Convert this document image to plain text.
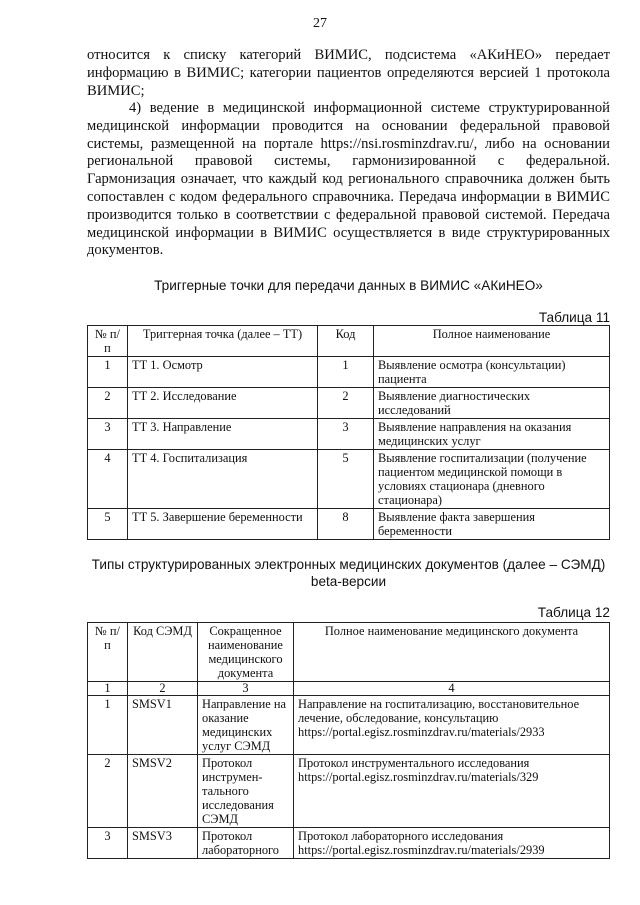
27
относится к списку категорий ВИМИС, подсистема «АКиНЕО» передает информацию в ВИМИС; категории пациентов определяются версией 1 протокола ВИМИС;
4) ведение в медицинской информационной системе структурированной медицинской информации проводится на основании федеральной правовой системы, размещенной на портале https://nsi.rosminzdrav.ru/, либо на основании региональной правовой системы, гармонизированной с федеральной. Гармонизация означает, что каждый код регионального справочника должен быть сопоставлен с кодом федерального справочника. Передача информации в ВИМИС производится только в соответствии с федеральной правовой системой. Передача медицинской информации в ВИМИС осуществляется в виде структурированных документов.
Триггерные точки для передачи данных в ВИМИС «АКиНЕО»
Таблица 11
№ п/п	Триггерная точка (далее – ТТ)	Код	Полное наименование
1	ТТ 1. Осмотр	1	Выявление осмотра (консультации) пациента
2	ТТ 2. Исследование	2	Выявление диагностических исследований
3	ТТ 3. Направление	3	Выявление направления на оказания медицинских услуг
4	ТТ 4. Госпитализация	5	Выявление госпитализации (получение пациентом медицинской помощи в условиях стационара (дневного стационара)
5	ТТ 5. Завершение беременности	8	Выявление факта завершения беременности
Типы структурированных электронных медицинских документов (далее – СЭМД) beta-версии
Таблица 12
№ п/п	Код СЭМД	Сокращенное наименование медицинского документа	Полное наименование медицинского документа
1	2	3	4
1	SMSV1	Направление на оказание медицинских услуг СЭМД	Направление на госпитализацию, восстановительное лечение, обследование, консультацию https://portal.egisz.rosminzdrav.ru/materials/2933
2	SMSV2	Протокол инструмен-тального исследования СЭМД	Протокол инструментального исследования https://portal.egisz.rosminzdrav.ru/materials/329
3	SMSV3	Протокол лабораторного	Протокол лабораторного исследования https://portal.egisz.rosminzdrav.ru/materials/2939
